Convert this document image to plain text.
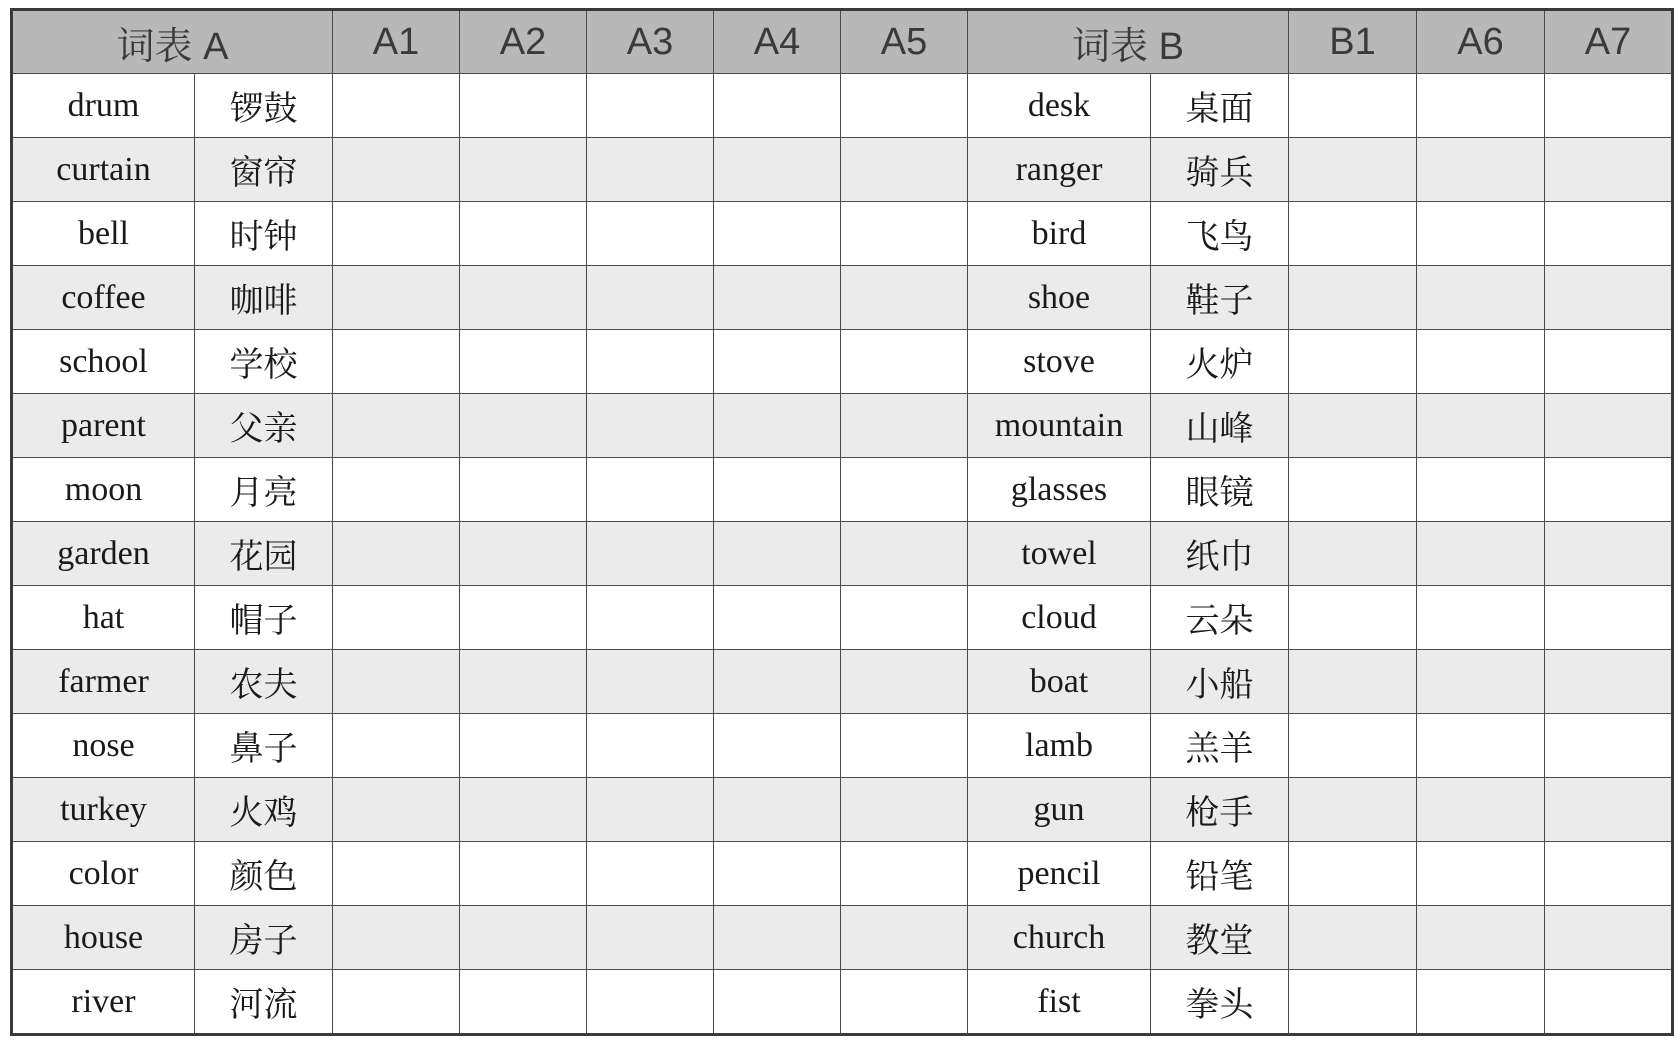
词表 A		A1	A2	A3	A4	A5	词表 B		B1	A6	A7
drum	锣鼓						desk	桌面			
curtain	窗帘						ranger	骑兵			
bell	时钟						bird	飞鸟			
coffee	咖啡						shoe	鞋子			
school	学校						stove	火炉			
parent	父亲						mountain	山峰			
moon	月亮						glasses	眼镜			
garden	花园						towel	纸巾			
hat	帽子						cloud	云朵			
farmer	农夫						boat	小船			
nose	鼻子						lamb	羔羊			
turkey	火鸡						gun	枪手			
color	颜色						pencil	铅笔			
house	房子						church	教堂			
river	河流						fist	拳头			
